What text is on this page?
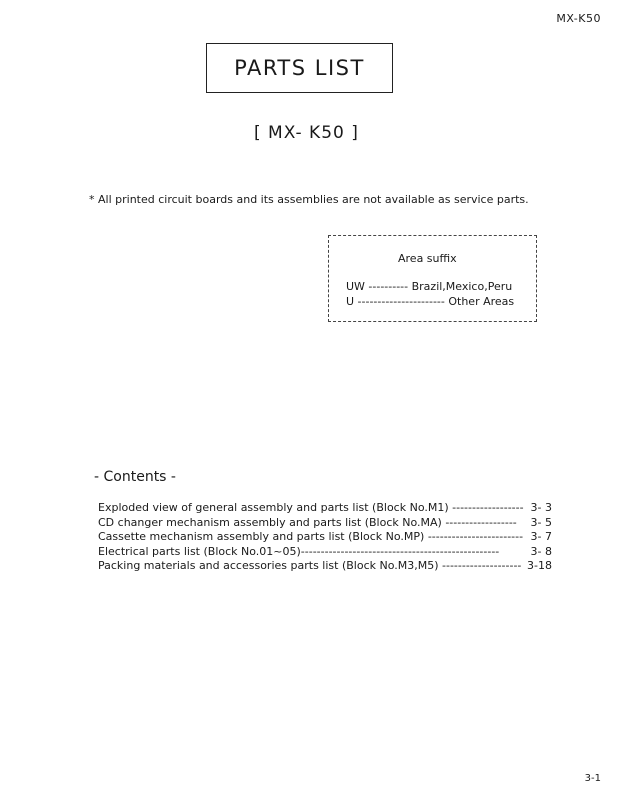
MX-K50
PARTS LIST
[ MX- K50 ]
* All printed circuit boards and its assemblies are not available as service parts.
Area suffix
UW ---------- Brazil,Mexico,Peru
U ---------------------- Other Areas
- Contents -
Exploded view of general assembly and parts list (Block No.M1) ------------------ 3- 3
CD changer mechanism assembly and parts list (Block No.MA) ------------------	3- 5
Cassette mechanism assembly and parts list (Block No.MP) ------------------------ 3- 7
Electrical parts list (Block No.01~05)--------------------------------------------------	3- 8
Packing materials and accessories parts list (Block No.M3,M5) -------------------- 3-18
3-1
